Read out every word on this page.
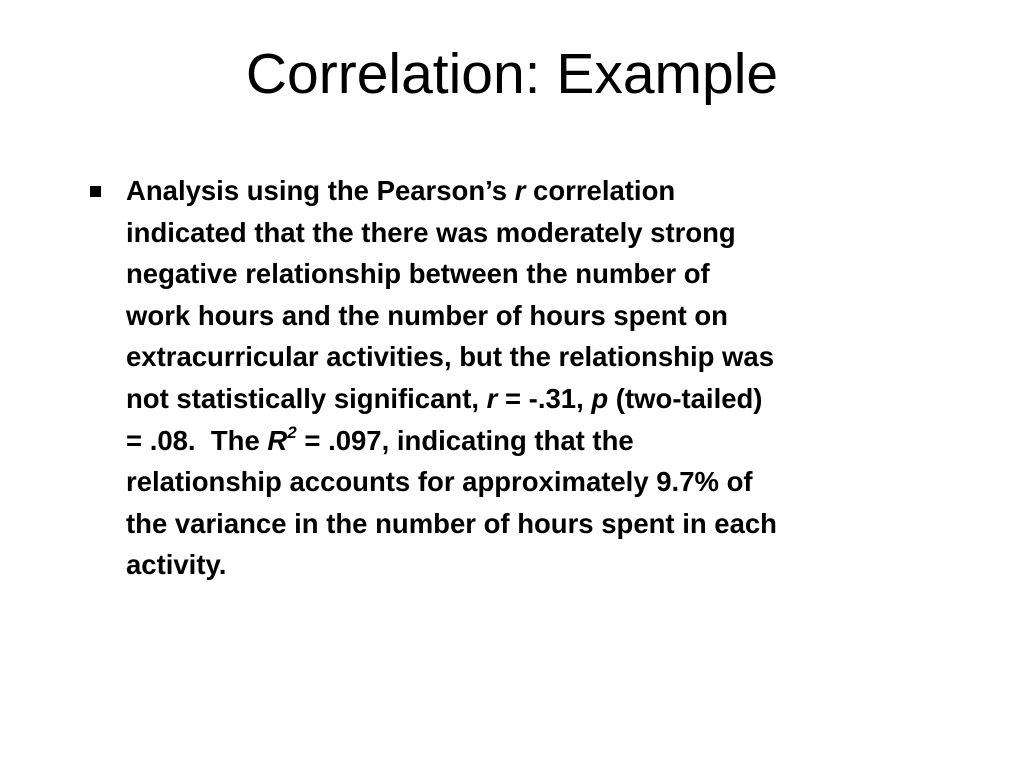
Correlation: Example
Analysis using the Pearson’s r correlation
indicated that the there was moderately strong
negative relationship between the number of
work hours and the number of hours spent on
extracurricular activities, but the relationship was
not statistically significant, r = -.31, p (two-tailed)
= .08.  The $R^2 = .097$, indicating that the
relationship accounts for approximately 9.7% of
the variance in the number of hours spent in each
activity.
